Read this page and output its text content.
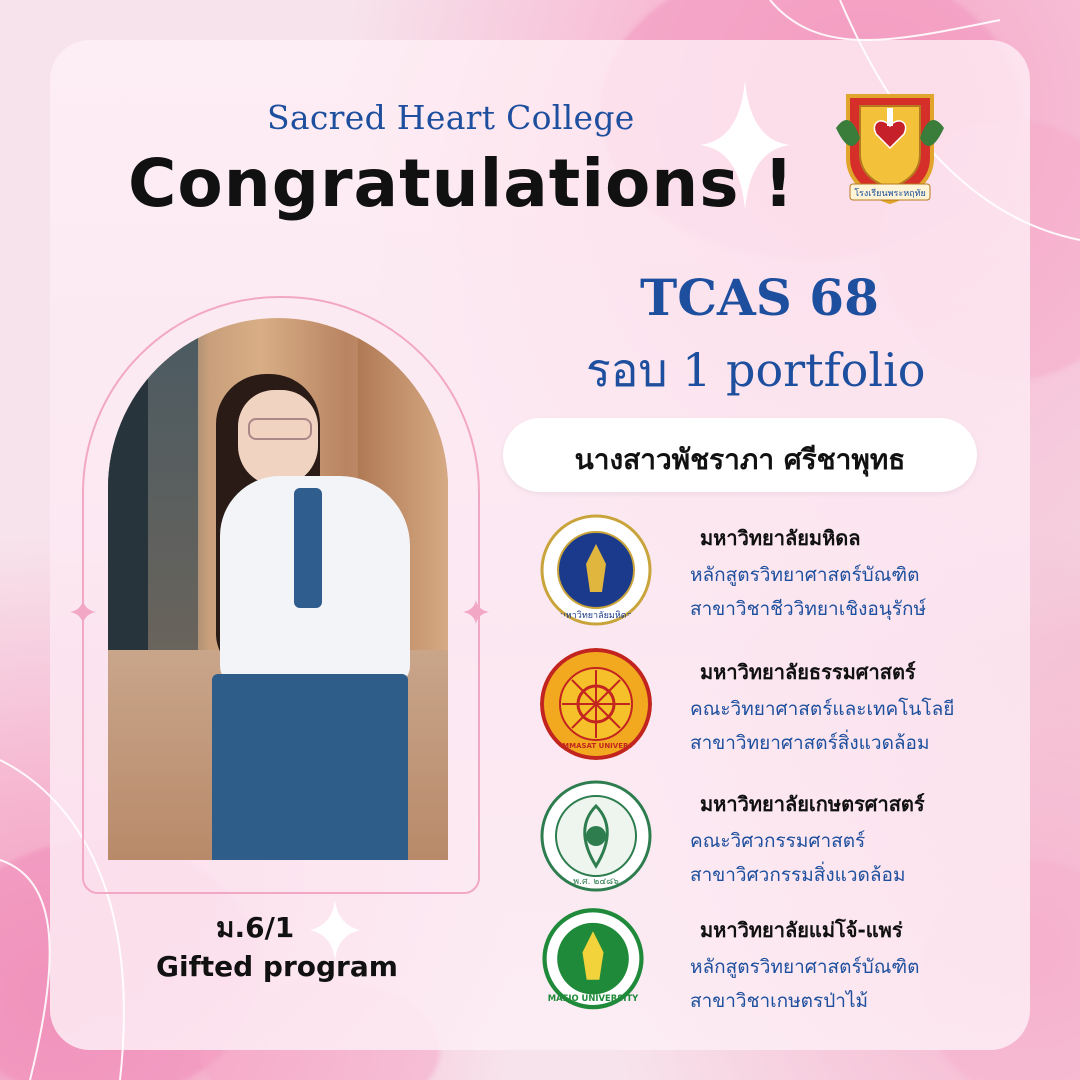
Sacred Heart College
Congratulations !	โรงเรียนพระหฤทัย
TCAS 68
รอบ 1 portfolio
ม.6/1
Gifted program
นางสาวพัชราภา ศรีชาพุทธ
มหาวิทยาลัยมหิดล
มหาวิทยาลัยมหิดล
หลักสูตรวิทยาศาสตร์บัณฑิต
สาขาวิชาชีววิทยาเชิงอนุรักษ์
THAMMASAT UNIVERSITY
มหาวิทยาลัยธรรมศาสตร์
คณะวิทยาศาสตร์และเทคโนโลยี
สาขาวิทยาศาสตร์สิ่งแวดล้อม
พ.ศ. ๒๔๘๖
มหาวิทยาลัยเกษตรศาสตร์
คณะวิศวกรรมศาสตร์
สาขาวิศวกรรมสิ่งแวดล้อม
MAEJO UNIVERSITY
มหาวิทยาลัยแม่โจ้-แพร่
หลักสูตรวิทยาศาสตร์บัณฑิต
สาขาวิชาเกษตรป่าไม้
